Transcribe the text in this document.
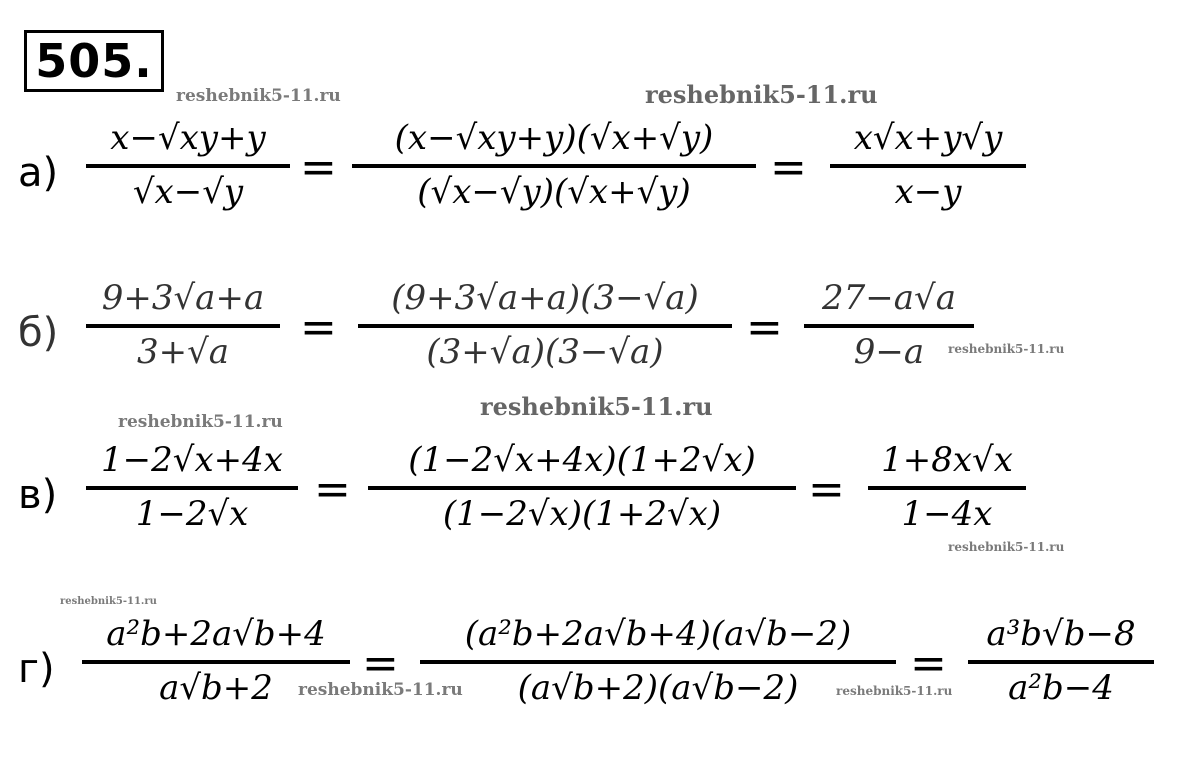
505.
reshebnik5-11.ru	reshebnik5-11.ru
reshebnik5-11.ru
reshebnik5-11.ru
reshebnik5-11.ru
reshebnik5-11.ru
reshebnik5-11.ru
reshebnik5-11.ru	reshebnik5-11.ru
а)
x−√xy+y
√x−√y	=
(x−√xy+y)(√x+√y)
(√x−√y)(√x+√y)	=
x√x+y√y
x−y
б)
9+3√a+a
3+√a	=
(9+3√a+a)(3−√a)
(3+√a)(3−√a)	=
27−a√a
9−a
в)
1−2√x+4x
1−2√x	=
(1−2√x+4x)(1+2√x)
(1−2√x)(1+2√x)	=
1+8x√x
1−4x
г)
a²b+2a√b+4
a√b+2	=
(a²b+2a√b+4)(a√b−2)
(a√b+2)(a√b−2)	=
a³b√b−8
a²b−4
